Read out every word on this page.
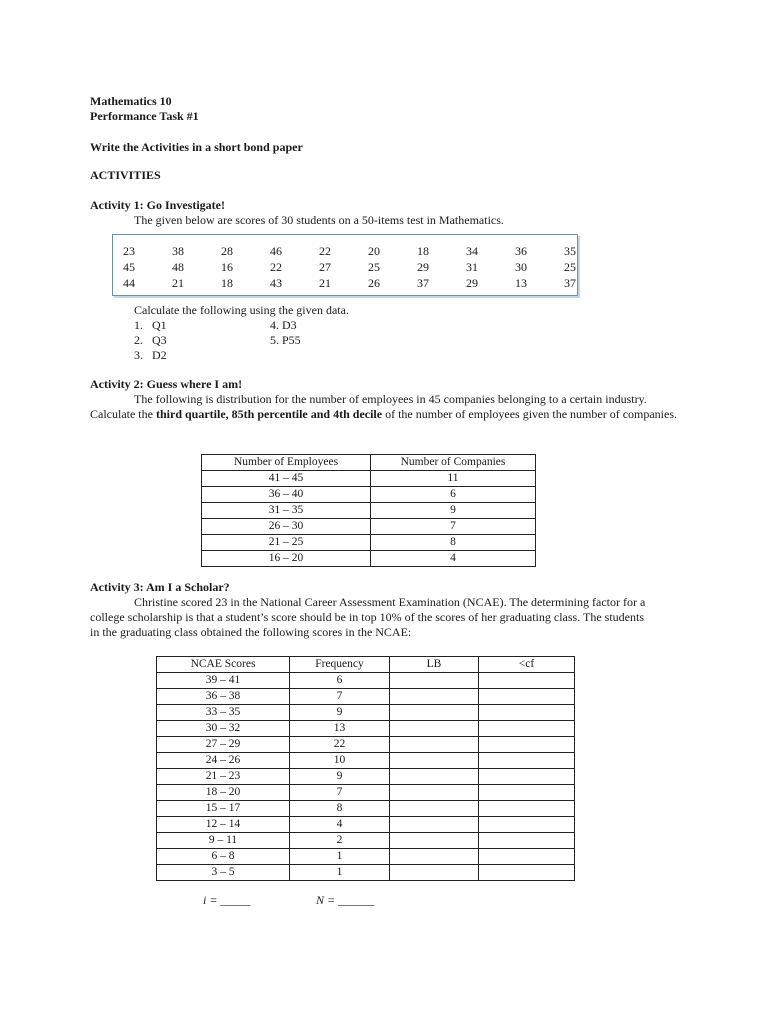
Mathematics 10
Performance Task #1
Write the Activities in a short bond paper
ACTIVITIES
Activity 1: Go Investigate!
The given below are scores of 30 students on a 50-items test in Mathematics.
23	38	28	46	22	20	18	34	36	35
45	48	16	22	27	25	29	31	30	25
44	21	18	43	21	26	37	29	13	37
Calculate the following using the given data.
1.   Q1
2.   Q3
3.   D2
4. D3
5. P55
Activity 2: Guess where I am!
The following is distribution for the number of employees in 45 companies belonging to a certain industry.
Calculate the third quartile, 85th percentile and 4th decile of the number of employees given the number of companies.
Number of Employees	Number of Companies
41 – 45	11
36 – 40	6
31 – 35	9
26 – 30	7
21 – 25	8
16 – 20	4
Activity 3: Am I a Scholar?
Christine scored 23 in the National Career Assessment Examination (NCAE). The determining factor for a
college scholarship is that a student’s score should be in top 10% of the scores of her graduating class. The students
in the graduating class obtained the following scores in the NCAE:
NCAE Scores	Frequency	LB	<cf
39 – 41	6		
36 – 38	7		
33 – 35	9		
30 – 32	13		
27 – 29	22		
24 – 26	10		
21 – 23	9		
18 – 20	7		
15 – 17	8		
12 – 14	4		
9 – 11	2		
6 – 8	1		
3 – 5	1		
i = _____	N = ______
